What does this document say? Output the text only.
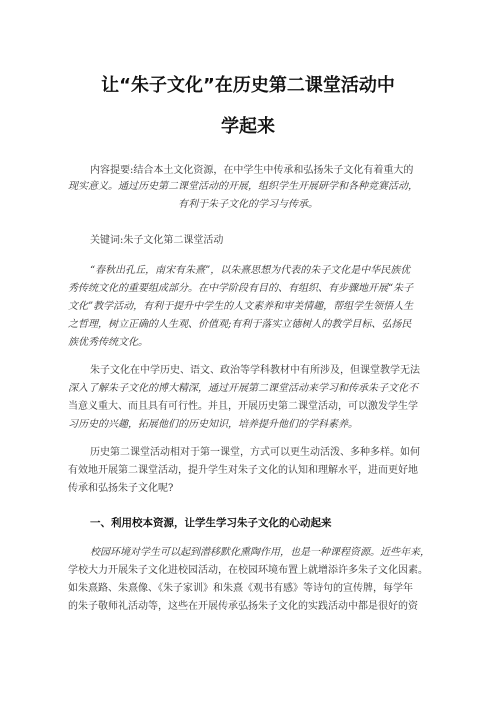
让“朱子文化”在历史第二课堂活动中
学起来
内容提要:结合本土文化资源，在中学生中传承和弘扬朱子文化有着重大的
现实意义。通过历史第二课堂活动的开展，组织学生开展研学和各种竞赛活动，
有利于朱子文化的学习与传承。
关键词:朱子文化第二课堂活动
“春秋出孔丘，南宋有朱熹”，以朱熹思想为代表的朱子文化是中华民族优
秀传统文化的重要组成部分。在中学阶段有目的、有组织、有步骤地开展“朱子
文化”教学活动，有利于提升中学生的人文素养和审美情趣，帮组学生领悟人生
之哲理，树立正确的人生观、价值观;有利于落实立德树人的教学目标、弘扬民
族优秀传统文化。
朱子文化在中学历史、语文、政治等学科教材中有所涉及，但课堂教学无法
深入了解朱子文化的博大精深，通过开展第二课堂活动来学习和传承朱子文化不
当意义重大、而且具有可行性。并且，开展历史第二课堂活动，可以激发学生学
习历史的兴趣，拓展他们的历史知识，培养提升他们的学科素养。
历史第二课堂活动相对于第一课堂，方式可以更生动活泼、多种多样。如何
有效地开展第二课堂活动，提升学生对朱子文化的认知和理解水平，进而更好地
传承和弘扬朱子文化呢?
一、利用校本资源，让学生学习朱子文化的心动起来
校园环境对学生可以起到潜移默化熏陶作用，也是一种课程资源。近些年来，
学校大力开展朱子文化进校园活动，在校园环境布置上就增添许多朱子文化因素。
如朱熹路、朱熹像、《朱子家训》和朱熹《观书有感》等诗句的宣传牌，每学年
的朱子敬师礼活动等，这些在开展传承弘扬朱子文化的实践活动中都是很好的资
